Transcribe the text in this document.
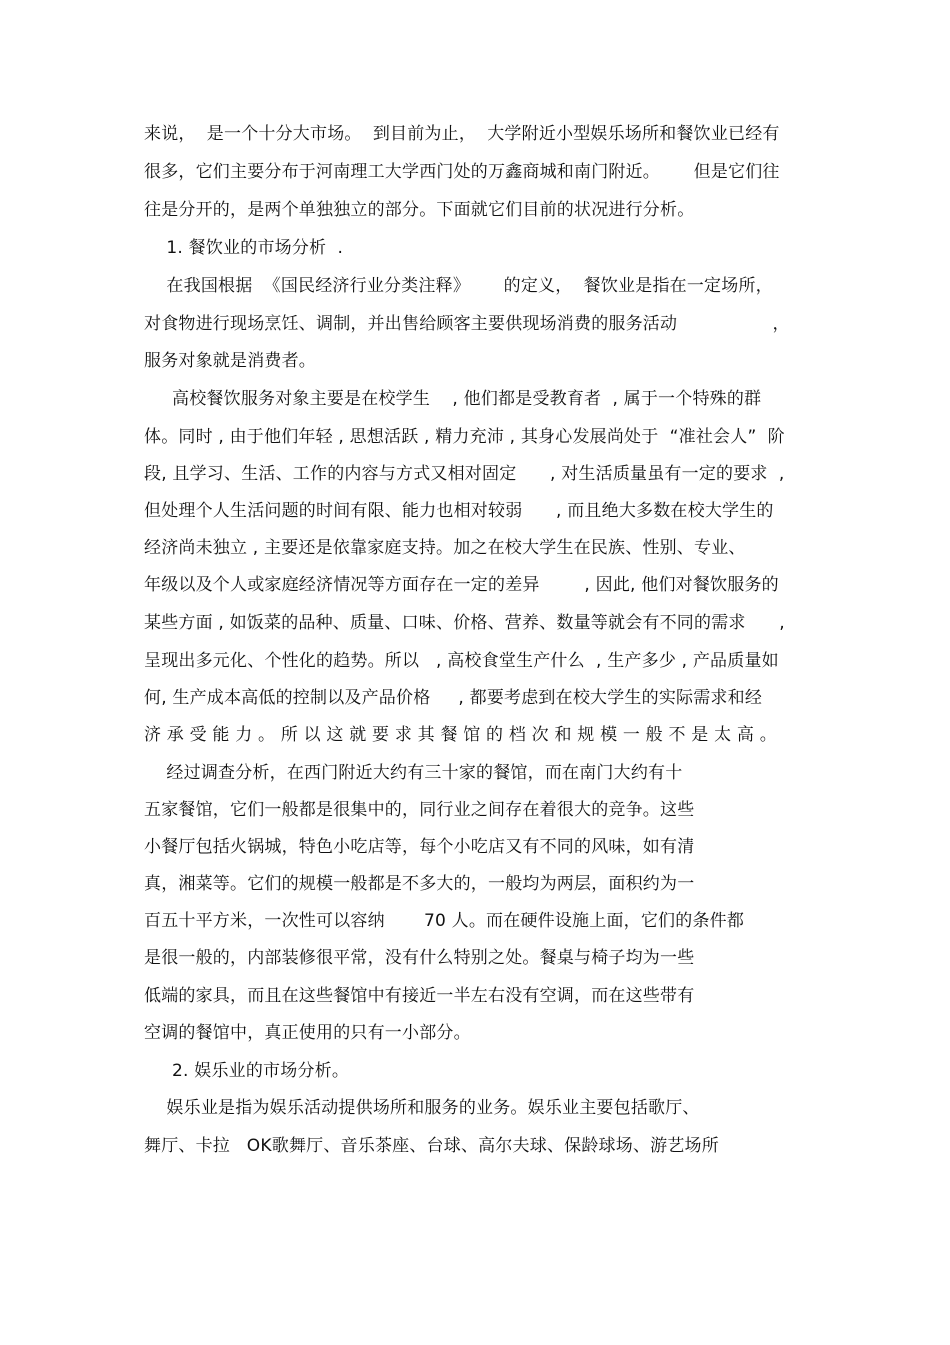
来说，  是一个十分大市场。  到目前为止，  大学附近小型娱乐场所和餐饮业已经有
很多，它们主要分布于河南理工大学西门处的万鑫商城和南门附近。      但是它们往
往是分开的，是两个单独独立的部分。下面就它们目前的状况进行分析。
1. 餐饮业的市场分析  .
在我国根据  《国民经济行业分类注释》      的定义，  餐饮业是指在一定场所，
对食物进行现场烹饪、调制，并出售给顾客主要供现场消费的服务活动                 ，
服务对象就是消费者。
高校餐饮服务对象主要是在校学生    , 他们都是受教育者  , 属于一个特殊的群
体。同时 , 由于他们年轻 , 思想活跃 , 精力充沛 , 其身心发展尚处于  “准社会人”  阶
段, 且学习、生活、工作的内容与方式又相对固定      , 对生活质量虽有一定的要求  ,
但处理个人生活问题的时间有限、能力也相对较弱      , 而且绝大多数在校大学生的
经济尚未独立 , 主要还是依靠家庭支持。加之在校大学生在民族、性别、专业、
年级以及个人或家庭经济情况等方面存在一定的差异        , 因此, 他们对餐饮服务的
某些方面 , 如饭菜的品种、质量、口味、价格、营养、数量等就会有不同的需求      ,
呈现出多元化、个性化的趋势。所以   , 高校食堂生产什么  , 生产多少 , 产品质量如
何, 生产成本高低的控制以及产品价格     , 都要考虑到在校大学生的实际需求和经
济 承 受 能 力 。 所 以 这 就 要 求 其 餐 馆 的 档 次 和 规 模 一 般 不 是 太 高 。
经过调查分析，在西门附近大约有三十家的餐馆，而在南门大约有十
五家餐馆，它们一般都是很集中的，同行业之间存在着很大的竞争。这些
小餐厅包括火锅城，特色小吃店等，每个小吃店又有不同的风味，如有清
真，湘菜等。它们的规模一般都是不多大的，一般均为两层，面积约为一
百五十平方米，一次性可以容纳       70 人。而在硬件设施上面，它们的条件都
是很一般的，内部装修很平常，没有什么特别之处。餐桌与椅子均为一些
低端的家具，而且在这些餐馆中有接近一半左右没有空调，而在这些带有
空调的餐馆中，真正使用的只有一小部分。
2. 娱乐业的市场分析。
娱乐业是指为娱乐活动提供场所和服务的业务。娱乐业主要包括歌厅、
舞厅、卡拉   OK歌舞厅、音乐茶座、台球、高尔夫球、保龄球场、游艺场所
